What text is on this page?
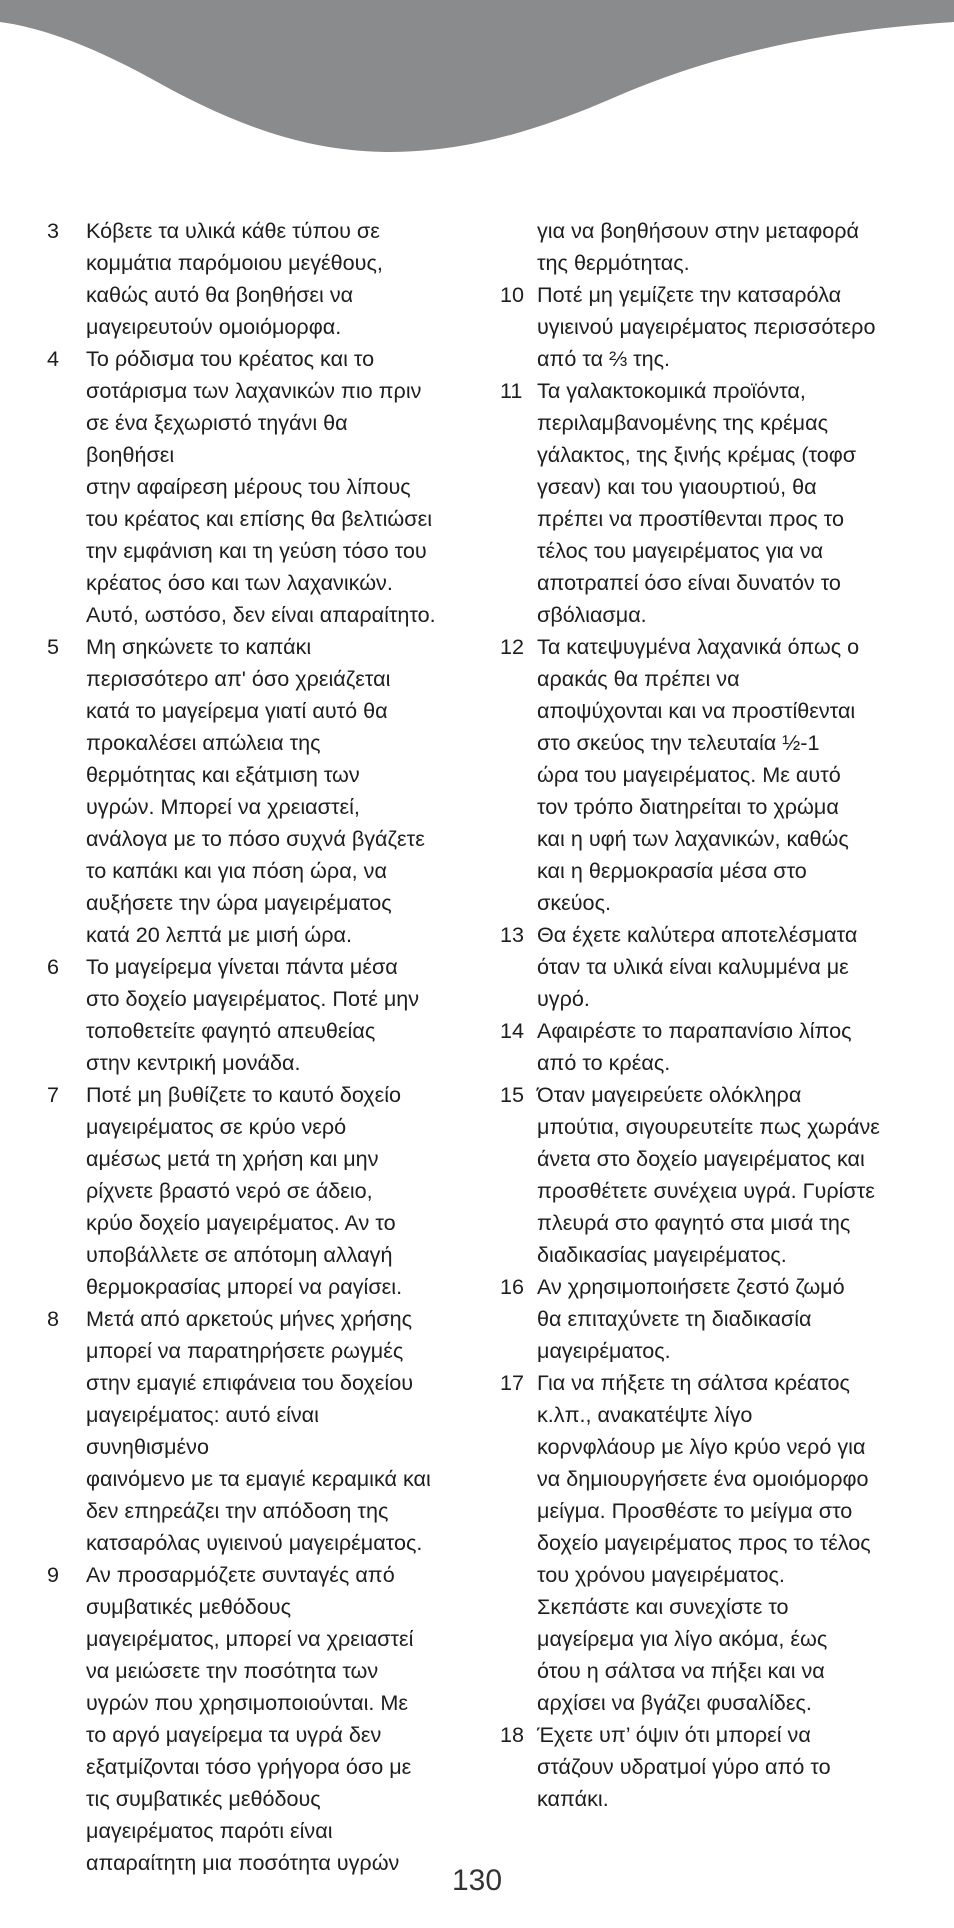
3	Κόβετε τα υλικά κάθε τύπου σε
κομμάτια παρόμοιου μεγέθους,
καθώς αυτό θα βοηθήσει να
μαγειρευτούν ομοιόμορφα.
4	Το ρόδισμα του κρέατος και το
σοτάρισμα των λαχανικών πιο πριν
σε ένα ξεχωριστό τηγάνι θα βοηθήσει
στην αφαίρεση μέρους του λίπους
του κρέατος και επίσης θα βελτιώσει
την εμφάνιση και τη γεύση τόσο του
κρέατος όσο και των λαχανικών.
Αυτό, ωστόσο, δεν είναι απαραίτητο.
5	Μη σηκώνετε το καπάκι
περισσότερο απ' όσο χρειάζεται
κατά το μαγείρεμα γιατί αυτό θα
προκαλέσει απώλεια της
θερμότητας και εξάτμιση των
υγρών. Μπορεί να χρειαστεί,
ανάλογα με το πόσο συχνά βγάζετε
το καπάκι και για πόση ώρα, να
αυξήσετε την ώρα μαγειρέματος
κατά 20 λεπτά με μισή ώρα.
6	Το μαγείρεμα γίνεται πάντα μέσα
στο δοχείο μαγειρέματος. Ποτέ μην
τοποθετείτε φαγητό απευθείας
στην κεντρική μονάδα.
7	Ποτέ μη βυθίζετε το καυτό δοχείο
μαγειρέματος σε κρύο νερό
αμέσως μετά τη χρήση και μην
ρίχνετε βραστό νερό σε άδειο,
κρύο δοχείο μαγειρέματος. Αν το
υποβάλλετε σε απότομη αλλαγή
θερμοκρασίας μπορεί να ραγίσει.
8	Μετά από αρκετούς μήνες χρήσης
μπορεί να παρατηρήσετε ρωγμές
στην εμαγιέ επιφάνεια του δοχείου
μαγειρέματος: αυτό είναι συνηθισμένο
φαινόμενο με τα εμαγιέ κεραμικά και
δεν επηρεάζει την απόδοση της
κατσαρόλας υγιεινού μαγειρέματος.
9	Αν προσαρμόζετε συνταγές από
συμβατικές μεθόδους
μαγειρέματος, μπορεί να χρειαστεί
να μειώσετε την ποσότητα των
υγρών που χρησιμοποιούνται. Με
το αργό μαγείρεμα τα υγρά δεν
εξατμίζονται τόσο γρήγορα όσο με
τις συμβατικές μεθόδους
μαγειρέματος παρότι είναι
απαραίτητη μια ποσότητα υγρών
για να βοηθήσουν στην μεταφορά
της θερμότητας.
10 Ποτέ μη γεμίζετε την κατσαρόλα
υγιεινού μαγειρέματος περισσότερο
από τα ⅔ της.
11 Τα γαλακτοκομικά προϊόντα,
περιλαμβανομένης της κρέμας
γάλακτος, της ξινής κρέμας (τοφσ
γσεαν) και του γιαουρτιού, θα
πρέπει να προστίθενται προς το
τέλος του μαγειρέματος για να
αποτραπεί όσο είναι δυνατόν το
σβόλιασμα.
12 Τα κατεψυγμένα λαχανικά όπως ο
αρακάς θα πρέπει να
αποψύχονται και να προστίθενται
στο σκεύος την τελευταία ½-1
ώρα του μαγειρέματος. Με αυτό
τον τρόπο διατηρείται το χρώμα
και η υφή των λαχανικών, καθώς
και η θερμοκρασία μέσα στο
σκεύος.
13 Θα έχετε καλύτερα αποτελέσματα
όταν τα υλικά είναι καλυμμένα με
υγρό.
14 Αφαιρέστε το παραπανίσιο λίπος
από το κρέας.
15 Όταν μαγειρεύετε ολόκληρα
μπούτια, σιγουρευτείτε πως χωράνε
άνετα στο δοχείο μαγειρέματος και
προσθέτετε συνέχεια υγρά. Γυρίστε
πλευρά στο φαγητό στα μισά της
διαδικασίας μαγειρέματος.
16 Αν χρησιμοποιήσετε ζεστό ζωμό
θα επιταχύνετε τη διαδικασία
μαγειρέματος.
17 Για να πήξετε τη σάλτσα κρέατος
κ.λπ., ανακατέψτε λίγο
κορνφλάουρ με λίγο κρύο νερό για
να δημιουργήσετε ένα ομοιόμορφο
μείγμα. Προσθέστε το μείγμα στο
δοχείο μαγειρέματος προς το τέλος
του χρόνου μαγειρέματος.
Σκεπάστε και συνεχίστε το
μαγείρεμα για λίγο ακόμα, έως
ότου η σάλτσα να πήξει και να
αρχίσει να βγάζει φυσαλίδες.
18 Έχετε υπ’ όψιν ότι μπορεί να
στάζουν υδρατμοί γύρο από το
καπάκι.
130
